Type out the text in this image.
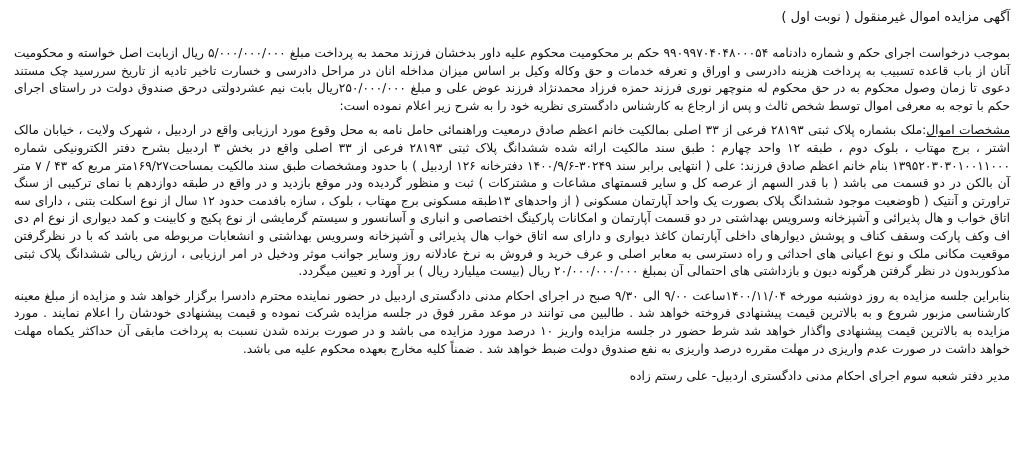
آگهی مزایده اموال غیرمنقول ( نوبت اول )

بموجب درخواست اجرای حکم و شماره دادنامه ۹۹۰۹۹۷۰۴۰۴۸۰۰۰۵۴ حکم بر محکومیت محکوم علیه داور بدخشان فرزند محمد به پرداخت مبلغ ۵/۰۰۰/۰۰۰/۰۰۰ ریال ازبابت اصل خواسته و محکومیت آنان از باب قاعده تسبیب به پرداخت هزینه دادرسی و اوراق و تعرفه خدمات و حق وکاله وکیل بر اساس میزان مداخله انان در مراحل دادرسی و خسارت تاخیر تادیه از تاریخ سررسید چک مستند دعوی تا زمان وصول محکوم به در حق محکوم له منوچهر نوری فرزند حمزه فرزاد محمدنژاد فرزند عوض علی و مبلغ ۲۵۰/۰۰۰/۰۰۰ریال بابت نیم عشردولتی درحق صندوق دولت در راستای اجرای حکم با توجه به معرفی اموال توسط شخص ثالث و پس از ارجاع به کارشناس دادگستری نظریه خود را به شرح زیر اعلام نموده است:

مشخصات اموال:ملک بشماره پلاک ثبتی ۲۸۱۹۳ فرعی از ۳۳ اصلی بمالکیت خانم اعظم صادق درمعیت وراهنمائی حامل نامه به محل وقوع مورد ارزیابی واقع در اردبیل ، شهرک ولایت ، خیابان مالک اشتر ، برج مهتاب ، بلوک دوم ، طبقه ۱۲ واحد چهارم : طبق سند مالکیت ارائه شده ششدانگ پلاک ثبتی ۲۸۱۹۳ فرعی از ۳۳ اصلی واقع در بخش ۳ اردبیل بشرح دفتر الکترونیکی شماره ۱۳۹۵۲۰۳۰۳۰۱۰۰۱۱۰۰۰ بنام خانم اعظم صادق فرزند: علی ( انتهایی برابر سند ۳۰۲۴۹-۱۴۰۰/۹/۶ دفترخانه ۱۲۶ اردبیل ) با حدود ومشخصات طبق سند مالکیت بمساحت۱۶۹/۲۷متر مربع که ۴۳ / ۷ متر آن بالکن در دو قسمت می باشد ( با قدر السهم از عرصه کل و سایر قسمتهای مشاعات و مشترکات ) ثبت و منظور گردیده ودر موقع بازدید و در واقع در طبقه دوازدهم با نمای ترکیبی از سنگ تراورتن و آنتیک ( bوضعیت موجود ششدانگ پلاک بصورت یک واحد آپارتمان مسکونی ( از واحدهای ۱۳طبقه مسکونی برج مهتاب ، بلوک ، سازه بافدمت حدود ۱۲ سال از نوع اسکلت بتنی ، دارای سه اتاق خواب و هال پذیرائی و آشپزخانه وسرویس بهداشتی در دو قسمت آپارتمان و امکانات پارکینگ اختصاصی و انباری و آسانسور و سیستم گرمایشی از نوع پکیج و کابینت و کمد دیواری از نوع ام دی اف وکف پارکت وسقف کناف و پوشش دیوارهای داخلی آپارتمان کاغذ دیواری و دارای سه اتاق خواب هال پذیرائی و آشپزخانه وسرویس بهداشتی و انشعابات مربوطه می باشد که با در نظرگرفتن موقعیت مکانی ملک و نوع اعیانی های احداثی و راه دسترسی به معابر اصلی و عرف خرید و فروش به نرخ عادلانه روز وسایر جوانب موثر ودخیل در امر ارزیابی ، ارزش ریالی ششدانگ پلاک ثبتی مذکوربدون در نظر گرفتن هرگونه دیون و بازداشتی های احتمالی آن بمبلغ ۲۰/۰۰۰/۰۰۰/۰۰۰ ریال (بیست میلیارد ریال ) بر آورد و تعیین میگردد.

بنابراین جلسه مزایده به روز دوشنبه مورخه ۱۴۰۰/۱۱/۰۴ساعت ۹/۰۰ الی ۹/۳۰ صبح در اجرای احکام مدنی دادگستری اردبیل در حضور نماینده محترم دادسرا برگزار خواهد شد و مزایده از مبلغ معینه کارشناسی مزبور شروع و به بالاترین قیمت پیشنهادی فروخته خواهد شد . طالبین می توانند در موعد مقرر فوق در جلسه مزایده شرکت نموده و قیمت پیشنهادی خودشان را اعلام نمایند . مورد مزایده به بالاترین قیمت پیشنهادی واگذار خواهد شد شرط حضور در جلسه مزایده واریز ۱۰ درصد مورد مزایده می باشد و در صورت برنده شدن نسبت به پرداخت مابقی آن حداکثر یکماه مهلت خواهد داشت در صورت عدم واریزی در مهلت مقرره درصد واریزی به نفع صندوق دولت ضبط خواهد شد . ضمناً کلیه مخارج بعهده محکوم علیه می باشد.

مدیر دفتر شعبه سوم اجرای احکام مدنی دادگستری اردبیل- علی رستم زاده
